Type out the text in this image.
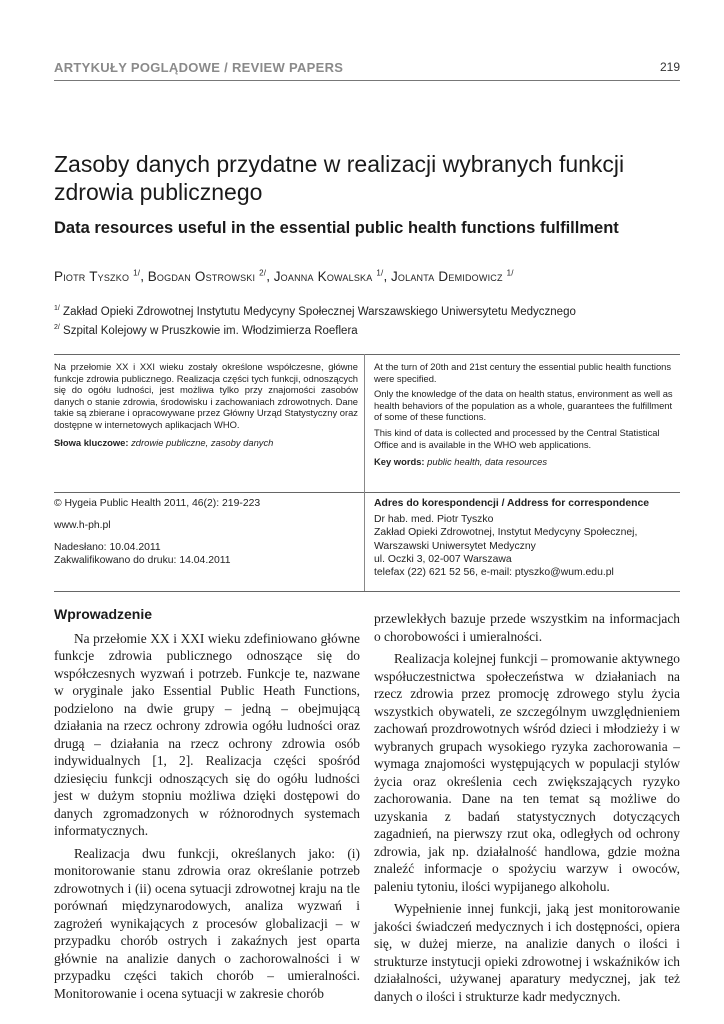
ARTYKUŁY POGLĄDOWE / REVIEW PAPERS	219
Zasoby danych przydatne w realizacji wybranych funkcji zdrowia publicznego
Data resources useful in the essential public health functions fulfillment
Piotr Tyszko $^{1/}$, Bogdan Ostrowski $^{2/}$, Joanna Kowalska $^{1/}$, Jolanta Demidowicz $^{1/}$
$^{1/}$ Zakład Opieki Zdrowotnej Instytutu Medycyny Społecznej Warszawskiego Uniwersytetu Medycznego
$^{2/}$ Szpital Kolejowy w Pruszkowie im. Włodzimierza Roeflera

Na przełomie XX i XXI wieku zostały określone współczesne, główne funkcje zdrowia publicznego. Realizacja części tych funkcji, odnoszących się do ogółu ludności, jest możliwa tylko przy znajomości zasobów danych o stanie zdrowia, środowisku i zachowaniach zdrowotnych. Dane takie są zbierane i opracowywane przez Główny Urząd Statystyczny oraz dostępne w internetowych aplikacjach WHO.

Słowa kluczowe: zdrowie publiczne, zasoby danych

At the turn of 20th and 21st century the essential public health functions were specified.

Only the knowledge of the data on health status, environment as well as health behaviors of the population as a whole, guarantees the fulfillment of some of these functions.

This kind of data is collected and processed by the Central Statistical Office and is available in the WHO web applications.

Key words: public health, data resources

© Hygeia Public Health 2011, 46(2): 219-223

www.h-ph.pl

Nadesłano: 10.04.2011
Zakwalifikowano do druku: 14.04.2011

Adres do korespondencji / Address for correspondence
Dr hab. med. Piotr Tyszko
Zakład Opieki Zdrowotnej, Instytut Medycyny Społecznej,
Warszawski Uniwersytet Medyczny
ul. Oczki 3, 02-007 Warszawa
telefax (22) 621 52 56, e-mail: ptyszko@wum.edu.pl
Wprowadzenie

Na przełomie XX i XXI wieku zdefiniowano główne funkcje zdrowia publicznego odnoszące się do współczesnych wyzwań i potrzeb. Funkcje te, nazwane w oryginale jako Essential Public Heath Functions, podzielono na dwie grupy – jedną – obejmującą działania na rzecz ochrony zdrowia ogółu ludności oraz drugą – działania na rzecz ochrony zdrowia osób indywidualnych [1, 2]. Realizacja części spośród dziesięciu funkcji odnoszących się do ogółu ludności jest w dużym stopniu możliwa dzięki dostępowi do danych zgromadzonych w różnorodnych systemach informatycznych.

Realizacja dwu funkcji, określanych jako: (i) monitorowanie stanu zdrowia oraz określanie potrzeb zdrowotnych i (ii) ocena sytuacji zdrowotnej kraju na tle porównań międzynarodowych, analiza wyzwań i zagrożeń wynikających z procesów globalizacji – w przypadku chorób ostrych i zakaźnych jest oparta głównie na analizie danych o zachorowalności i w przypadku części takich chorób – umieralności. Monitorowanie i ocena sytuacji w zakresie chorób

przewlekłych bazuje przede wszystkim na informacjach o chorobowości i umieralności.

Realizacja kolejnej funkcji – promowanie aktywnego współuczestnictwa społeczeństwa w działaniach na rzecz zdrowia przez promocję zdrowego stylu życia wszystkich obywateli, ze szczególnym uwzględnieniem zachowań prozdrowotnych wśród dzieci i młodzieży i w wybranych grupach wysokiego ryzyka zachorowania – wymaga znajomości występujących w populacji stylów życia oraz określenia cech zwiększających ryzyko zachorowania. Dane na ten temat są możliwe do uzyskania z badań statystycznych dotyczących zagadnień, na pierwszy rzut oka, odległych od ochrony zdrowia, jak np. działalność handlowa, gdzie można znaleźć informacje o spożyciu warzyw i owoców, paleniu tytoniu, ilości wypijanego alkoholu.

Wypełnienie innej funkcji, jaką jest monitorowanie jakości świadczeń medycznych i ich dostępności, opiera się, w dużej mierze, na analizie danych o ilości i strukturze instytucji opieki zdrowotnej i wskaźników ich działalności, używanej aparatury medycznej, jak też danych o ilości i strukturze kadr medycznych.
